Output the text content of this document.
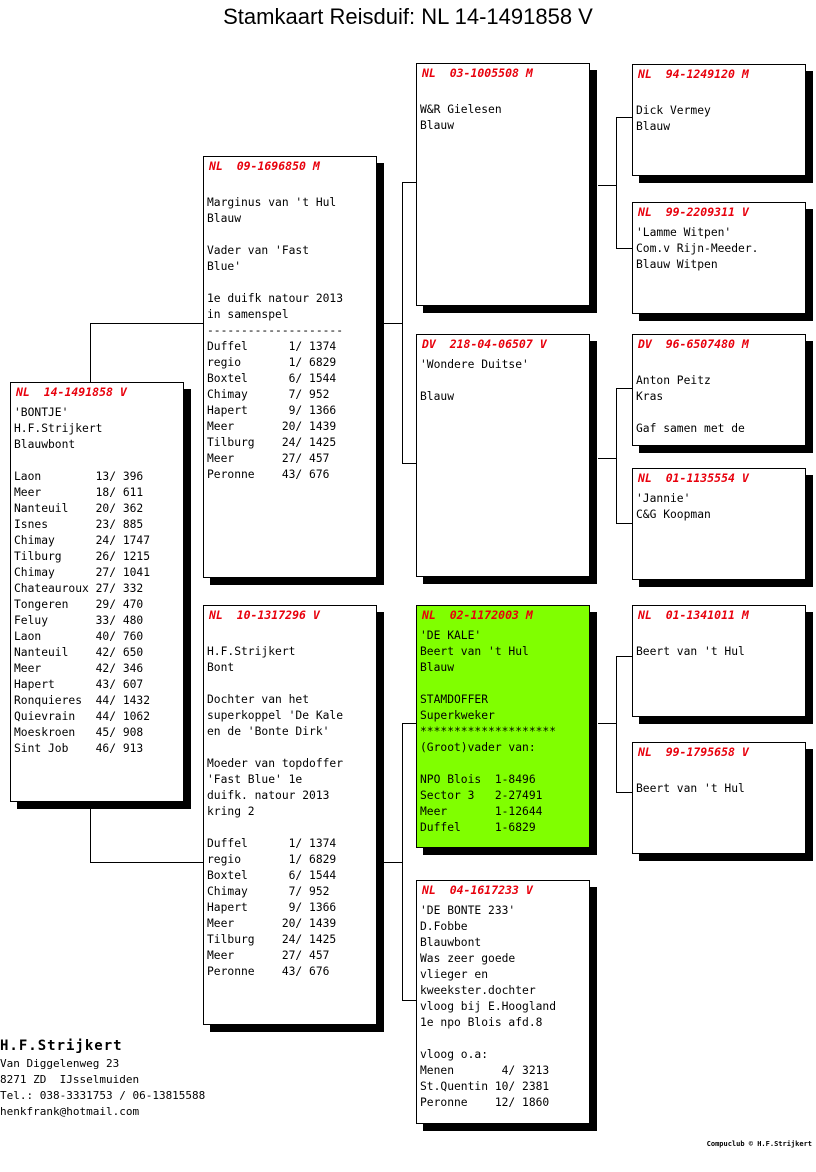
Stamkaart Reisduif: NL 14-1491858 V
NL  14-1491858 V
'BONTJE'
H.F.Strijkert
Blauwbont
Laon        13/ 396
Meer        18/ 611
Nanteuil    20/ 362
Isnes       23/ 885
Chimay      24/ 1747
Tilburg     26/ 1215
Chimay      27/ 1041
Chateauroux 27/ 332
Tongeren    29/ 470
Feluy       33/ 480
Laon        40/ 760
Nanteuil    42/ 650
Meer        42/ 346
Hapert      43/ 607
Ronquieres  44/ 1432
Quievrain   44/ 1062
Moeskroen   45/ 908
Sint Job    46/ 913
NL  09-1696850 M
Marginus van 't Hul
Blauw
Vader van 'Fast
Blue'
1e duifk natour 2013
in samenspel
--------------------
Duffel      1/ 1374
regio       1/ 6829
Boxtel      6/ 1544
Chimay      7/ 952
Hapert      9/ 1366
Meer       20/ 1439
Tilburg    24/ 1425
Meer       27/ 457
Peronne    43/ 676
NL  10-1317296 V
H.F.Strijkert
Bont
Dochter van het
superkoppel 'De Kale
en de 'Bonte Dirk'
Moeder van topdoffer
'Fast Blue' 1e
duifk. natour 2013
kring 2
Duffel      1/ 1374
regio       1/ 6829
Boxtel      6/ 1544
Chimay      7/ 952
Hapert      9/ 1366
Meer       20/ 1439
Tilburg    24/ 1425
Meer       27/ 457
Peronne    43/ 676
NL  03-1005508 M
W&R Gielesen
Blauw
DV  218-04-06507 V
'Wondere Duitse'
Blauw
NL  02-1172003 M
'DE KALE'
Beert van 't Hul
Blauw
STAMDOFFER
Superkweker
********************
(Groot)vader van:
NPO Blois  1-8496
Sector 3   2-27491
Meer       1-12644
Duffel     1-6829
NL  04-1617233 V
'DE BONTE 233'
D.Fobbe
Blauwbont
Was zeer goede
vlieger en
kweekster.dochter
vloog bij E.Hoogland
1e npo Blois afd.8
vloog o.a:
Menen       4/ 3213
St.Quentin 10/ 2381
Peronne    12/ 1860
NL  94-1249120 M
Dick Vermey
Blauw
NL  99-2209311 V
'Lamme Witpen'
Com.v Rijn-Meeder.
Blauw Witpen
DV  96-6507480 M
Anton Peitz
Kras
Gaf samen met de
NL  01-1135554 V
'Jannie'
C&G Koopman
NL  01-1341011 M
Beert van 't Hul
NL  99-1795658 V
Beert van 't Hul
H.F.Strijkert
Van Diggelenweg 23
8271 ZD  IJsselmuiden
Tel.: 038-3331753 / 06-13815588
henkfrank@hotmail.com
Compuclub © H.F.Strijkert
